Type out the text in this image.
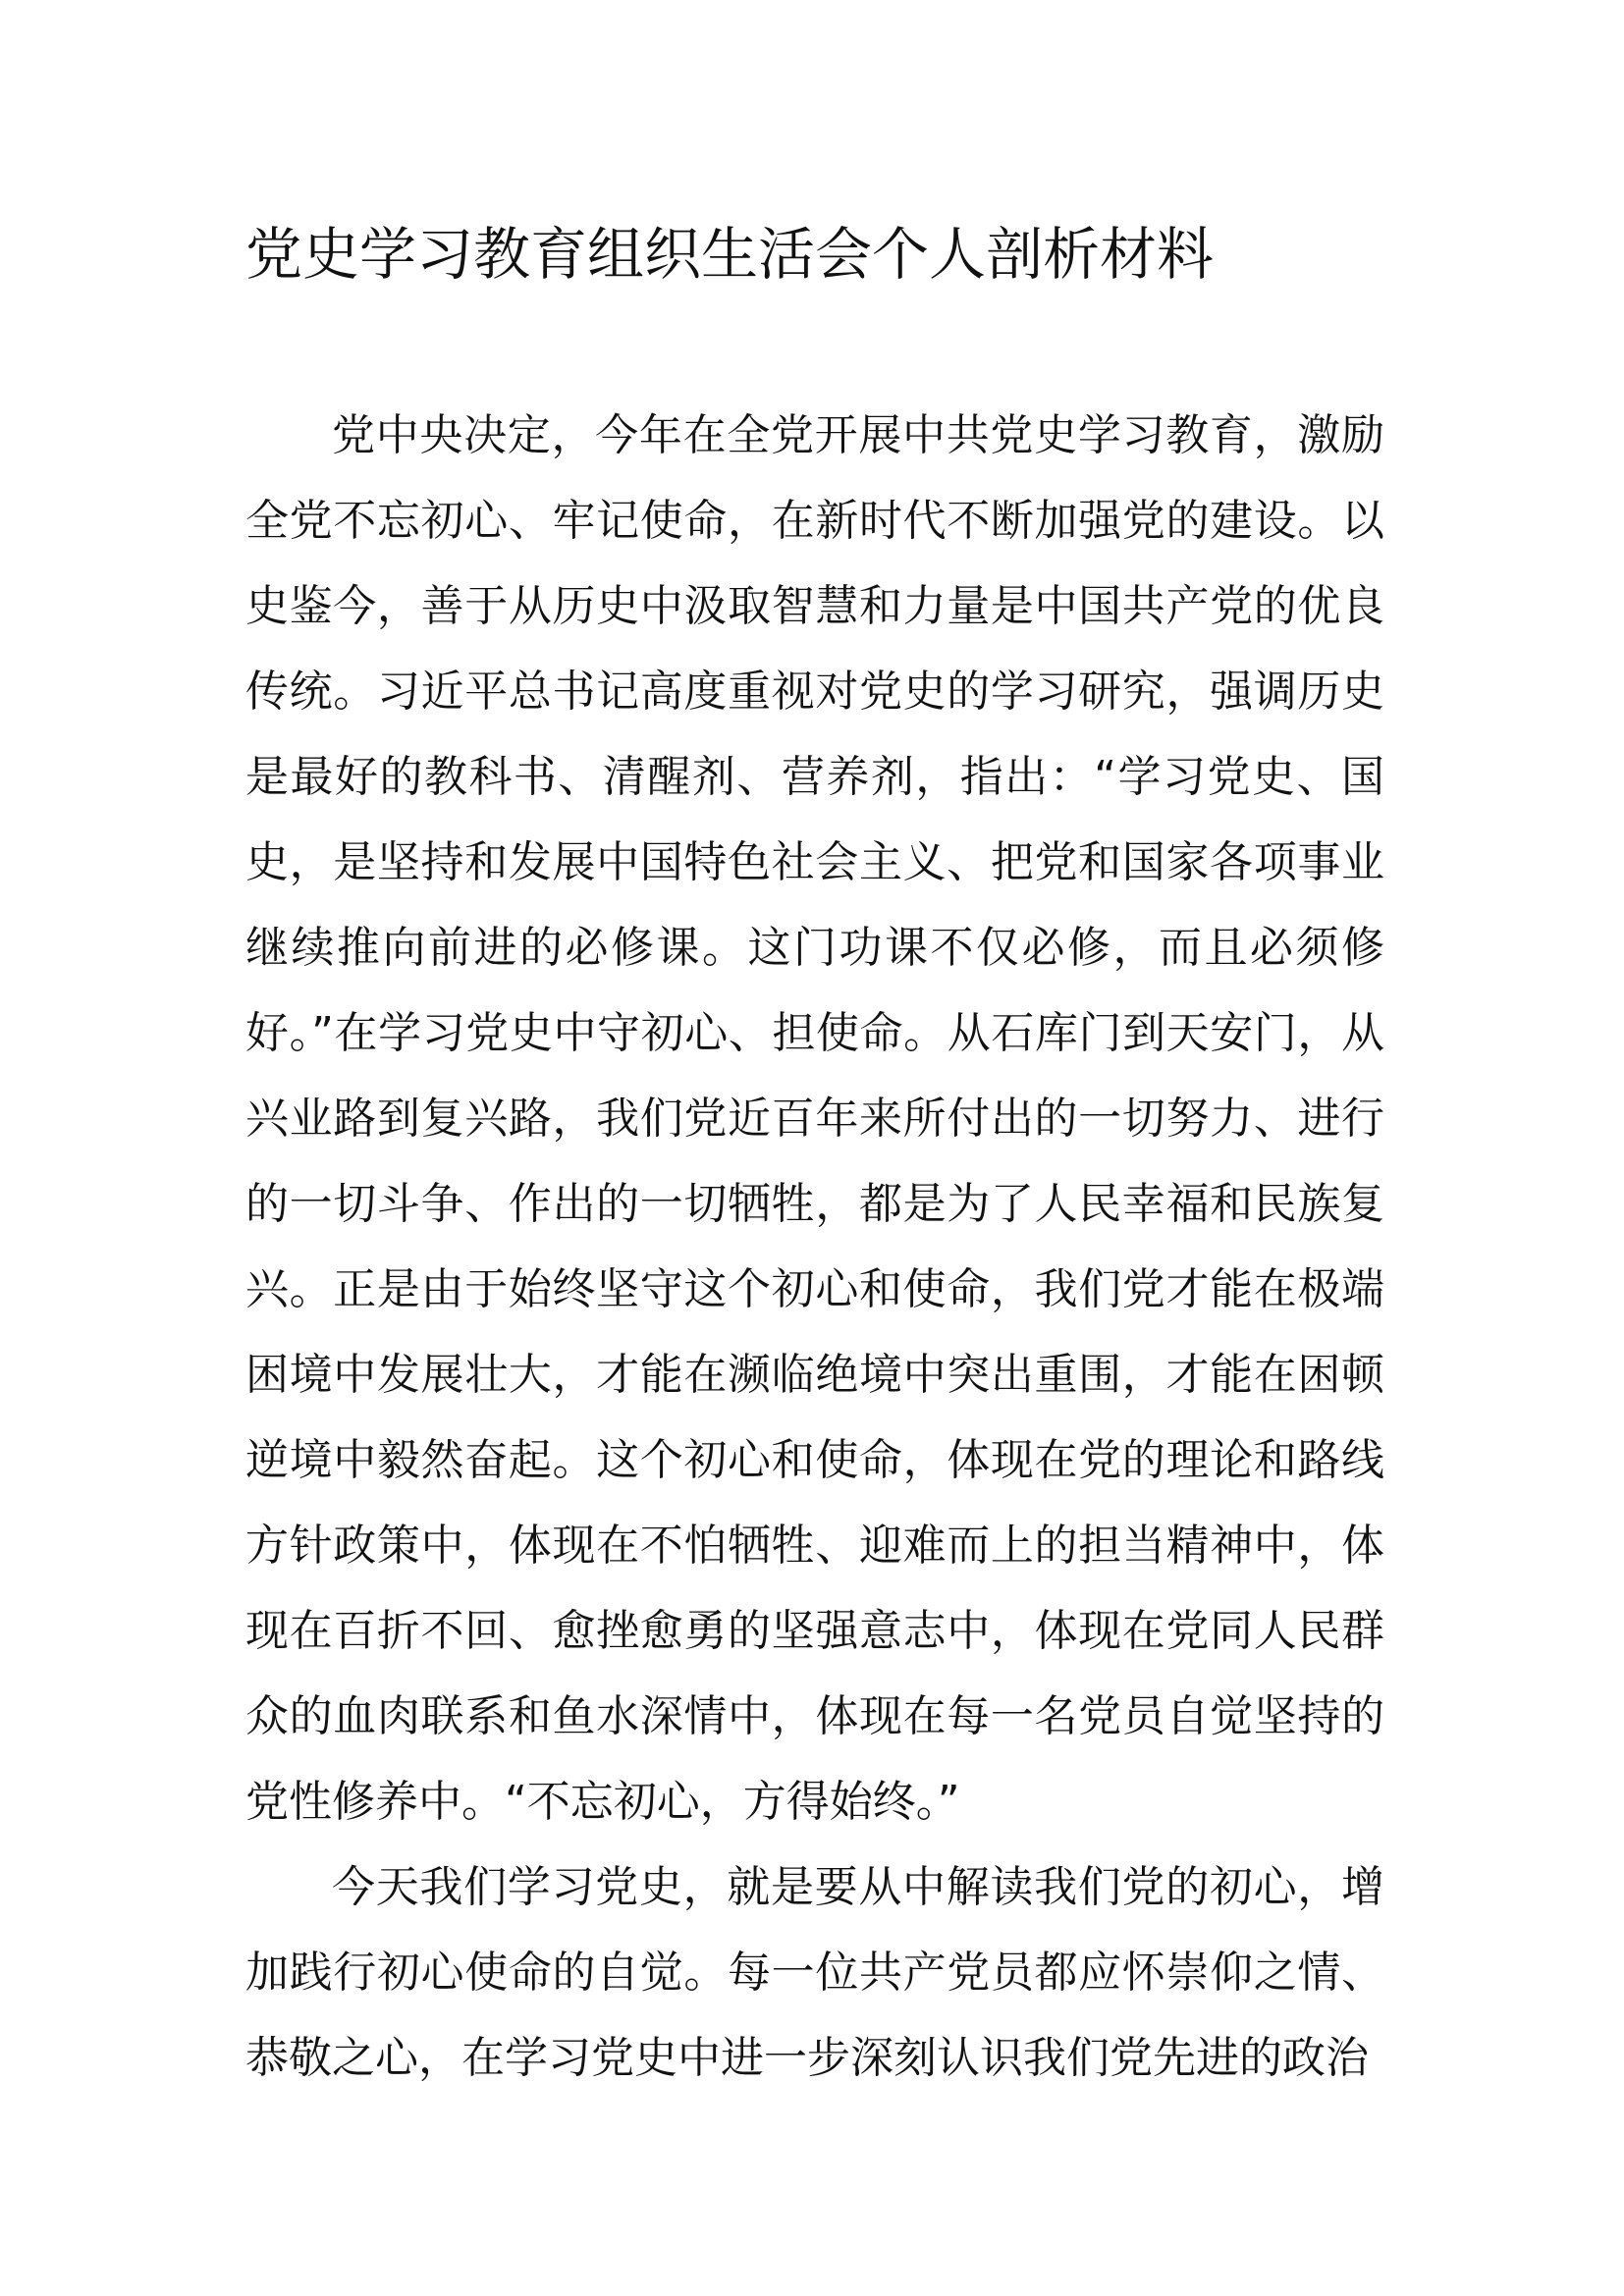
党史学习教育组织生活会个人剖析材料

党中央决定，今年在全党开展中共党史学习教育，激励全党不忘初心、牢记使命，在新时代不断加强党的建设。以史鉴今，善于从历史中汲取智慧和力量是中国共产党的优良传统。习近平总书记高度重视对党史的学习研究，强调历史是最好的教科书、清醒剂、营养剂，指出：“学习党史、国史，是坚持和发展中国特色社会主义、把党和国家各项事业继续推向前进的必修课。这门功课不仅必修，而且必须修好。”在学习党史中守初心、担使命。从石库门到天安门，从兴业路到复兴路，我们党近百年来所付出的一切努力、进行的一切斗争、作出的一切牺牲，都是为了人民幸福和民族复兴。正是由于始终坚守这个初心和使命，我们党才能在极端困境中发展壮大，才能在濒临绝境中突出重围，才能在困顿逆境中毅然奋起。这个初心和使命，体现在党的理论和路线方针政策中，体现在不怕牺牲、迎难而上的担当精神中，体现在百折不回、愈挫愈勇的坚强意志中，体现在党同人民群众的血肉联系和鱼水深情中，体现在每一名党员自觉坚持的党性修养中。“不忘初心，方得始终。”

今天我们学习党史，就是要从中解读我们党的初心，增加践行初心使命的自觉。每一位共产党员都应怀崇仰之情、恭敬之心，在学习党史中进一步深刻认识我们党先进的政治
